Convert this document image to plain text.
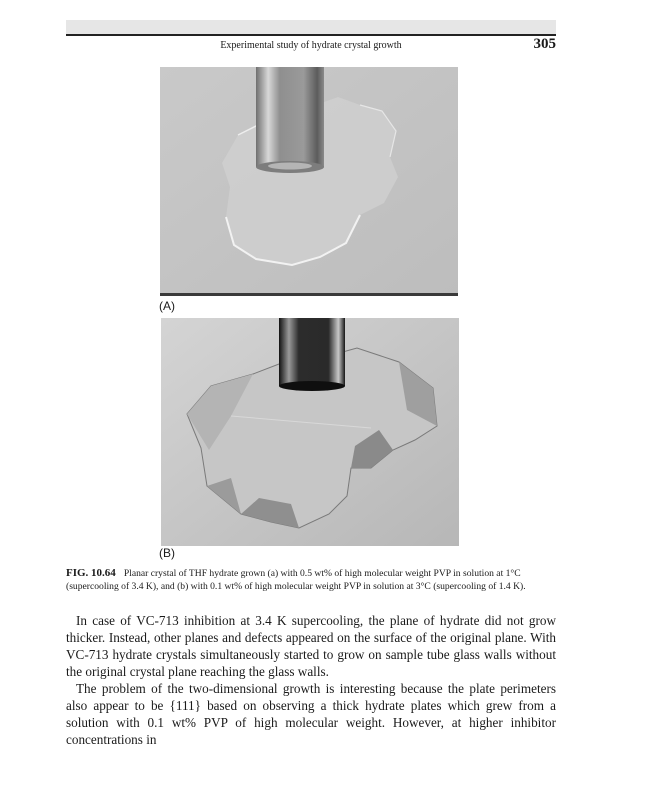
Experimental study of hydrate crystal growth	305
(A)
(B)
FIG. 10.64 Planar crystal of THF hydrate grown (a) with 0.5 wt% of high molecular weight PVP in solution at 1°C (supercooling of 3.4 K), and (b) with 0.1 wt% of high molecular weight PVP in solution at 3°C (supercooling of 1.4 K).

In case of VC-713 inhibition at 3.4 K supercooling, the plane of hydrate did not grow thicker. Instead, other planes and defects appeared on the surface of the original plane. With VC-713 hydrate crystals simultaneously started to grow on sample tube glass walls without the original crystal plane reaching the glass walls.

The problem of the two-dimensional growth is interesting because the plate perimeters also appear to be {111} based on observing a thick hydrate plates which grew from a solution with 0.1 wt% PVP of high molecular weight. However, at higher inhibitor concentrations in
